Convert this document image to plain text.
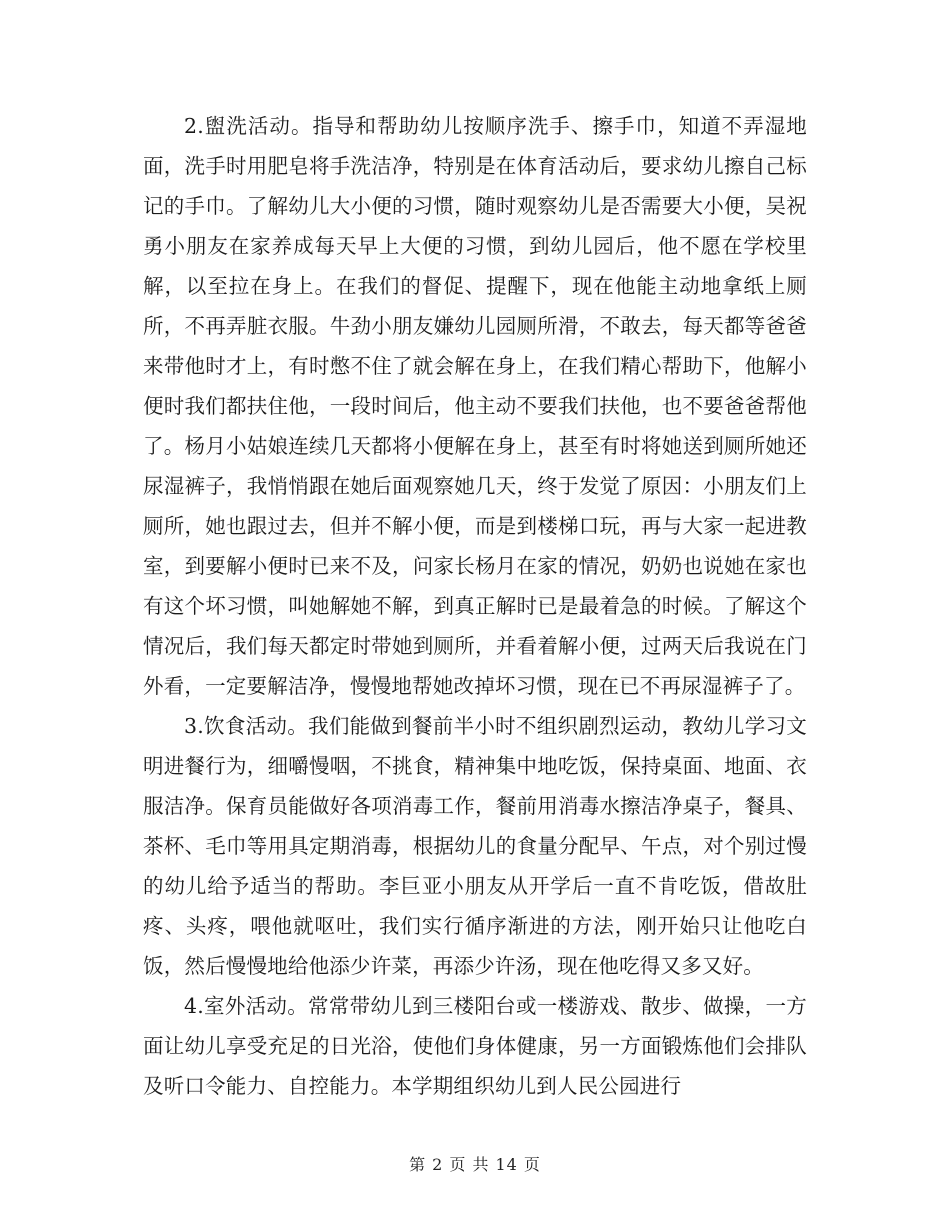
2.盥洗活动。指导和帮助幼儿按顺序洗手、擦手巾，知道不弄湿地面，洗手时用肥皂将手洗洁净，特别是在体育活动后，要求幼儿擦自己标记的手巾。了解幼儿大小便的习惯，随时观察幼儿是否需要大小便，吴祝勇小朋友在家养成每天早上大便的习惯，到幼儿园后，他不愿在学校里解，以至拉在身上。在我们的督促、提醒下，现在他能主动地拿纸上厕所，不再弄脏衣服。牛劲小朋友嫌幼儿园厕所滑，不敢去，每天都等爸爸来带他时才上，有时憋不住了就会解在身上，在我们精心帮助下，他解小便时我们都扶住他，一段时间后，他主动不要我们扶他，也不要爸爸帮他了。杨月小姑娘连续几天都将小便解在身上，甚至有时将她送到厕所她还尿湿裤子，我悄悄跟在她后面观察她几天，终于发觉了原因：小朋友们上厕所，她也跟过去，但并不解小便，而是到楼梯口玩，再与大家一起进教室，到要解小便时已来不及，问家长杨月在家的情况，奶奶也说她在家也有这个坏习惯，叫她解她不解，到真正解时已是最着急的时候。了解这个情况后，我们每天都定时带她到厕所，并看着解小便，过两天后我说在门外看，一定要解洁净，慢慢地帮她改掉坏习惯，现在已不再尿湿裤子了。

3.饮食活动。我们能做到餐前半小时不组织剧烈运动，教幼儿学习文明进餐行为，细嚼慢咽，不挑食，精神集中地吃饭，保持桌面、地面、衣服洁净。保育员能做好各项消毒工作，餐前用消毒水擦洁净桌子，餐具、茶杯、毛巾等用具定期消毒，根据幼儿的食量分配早、午点，对个别过慢的幼儿给予适当的帮助。李巨亚小朋友从开学后一直不肯吃饭，借故肚疼、头疼，喂他就呕吐，我们实行循序渐进的方法，刚开始只让他吃白饭，然后慢慢地给他添少许菜，再添少许汤，现在他吃得又多又好。

4.室外活动。常常带幼儿到三楼阳台或一楼游戏、散步、做操，一方面让幼儿享受充足的日光浴，使他们身体健康，另一方面锻炼他们会排队及听口令能力、自控能力。本学期组织幼儿到人民公园进行

第 2 页 共 14 页
